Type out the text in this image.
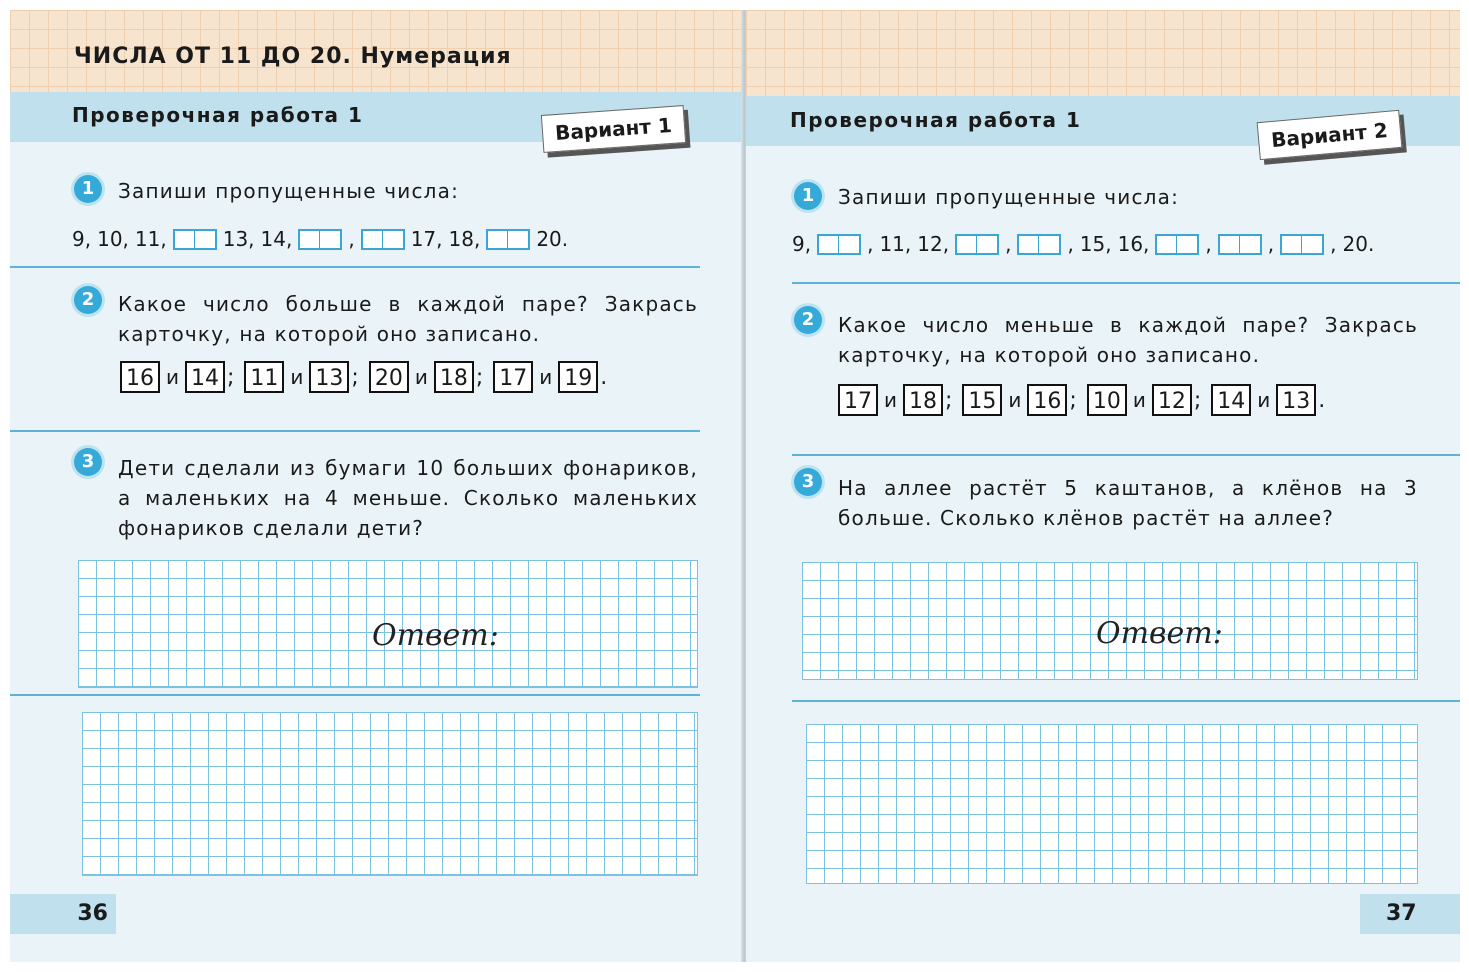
ЧИСЛА ОТ 11 ДО 20. Нумерация
Проверочная работа 1	Вариант 1
1	Запиши пропущенные числа:
9, 10, 11,	13, 14,	,	17, 18,	20.
2	Какое число больше в каждой паре? Закрась карточку, на которой оно записано.
16 и 14 ; 11 и 13 ; 20 и 18 ; 17 и 19 .
3	Дети сделали из бумаги 10 больших фонариков, а маленьких на 4 меньше. Сколько маленьких фонариков сделали дети?
Ответ:
36
Проверочная работа 1	Вариант 2
1	Запиши пропущенные числа:
9,	, 11, 12,	,	, 15, 16,	,	,	, 20.
2	Какое число меньше в каждой паре? Закрась карточку, на которой оно записано.
17 и 18 ; 15 и 16 ; 10 и 12 ; 14 и 13 .
3	На аллее растёт 5 каштанов, а клёнов на 3 больше. Сколько клёнов растёт на аллее?
Ответ:
37
